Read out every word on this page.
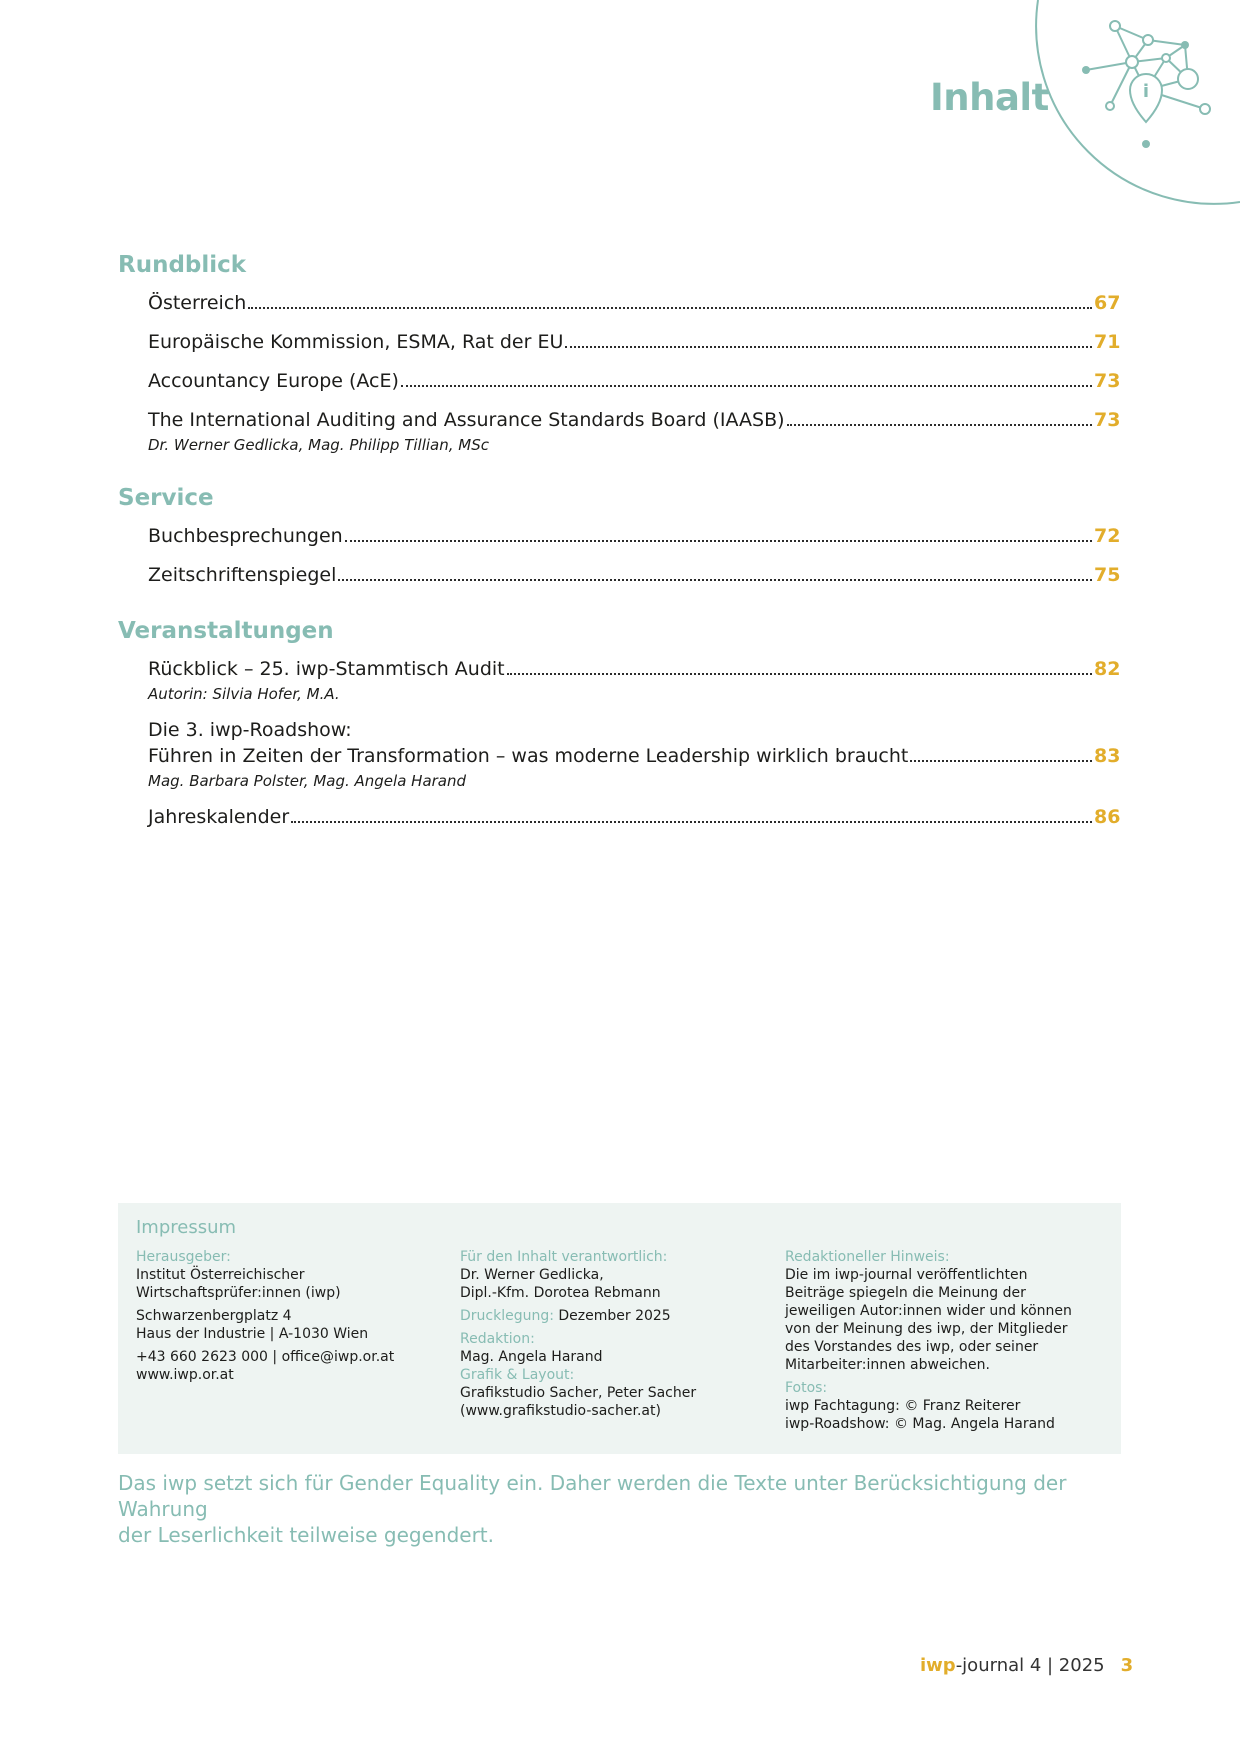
i
Inhalt
Rundblick
Österreich	67
Europäische Kommission, ESMA, Rat der EU	71
Accountancy Europe (AcE)	73
The International Auditing and Assurance Standards Board (IAASB)	73
Dr. Werner Gedlicka, Mag. Philipp Tillian, MSc
Service
Buchbesprechungen	72
Zeitschriftenspiegel	75
Veranstaltungen
Rückblick – 25. iwp-Stammtisch Audit	82
Autorin: Silvia Hofer, M.A.
Die 3. iwp-Roadshow:
Führen in Zeiten der Transformation – was moderne Leadership wirklich braucht	83
Mag. Barbara Polster, Mag. Angela Harand
Jahreskalender	86
Impressum
Herausgeber:
Institut Österreichischer
Wirtschaftsprüfer:innen (iwp)
Schwarzenbergplatz 4
Haus der Industrie | A-1030 Wien
+43 660 2623 000 | office@iwp.or.at
www.iwp.or.at
Für den Inhalt verantwortlich:
Dr. Werner Gedlicka,
Dipl.-Kfm. Dorotea Rebmann
Drucklegung: Dezember 2025
Redaktion:
Mag. Angela Harand
Grafik & Layout:
Grafikstudio Sacher, Peter Sacher
(www.grafikstudio-sacher.at)
Redaktioneller Hinweis:
Die im iwp-journal veröffentlichten
Beiträge spiegeln die Meinung der
jeweiligen Autor:innen wider und können
von der Meinung des iwp, der Mitglieder
des Vorstandes des iwp, oder seiner
Mitarbeiter:innen abweichen.
Fotos:
iwp Fachtagung: © Franz Reiterer
iwp-Roadshow: © Mag. Angela Harand
Das iwp setzt sich für Gender Equality ein. Daher werden die Texte unter Berücksichtigung der Wahrung
der Leserlichkeit teilweise gegendert.
iwp-journal 4 | 2025 3
